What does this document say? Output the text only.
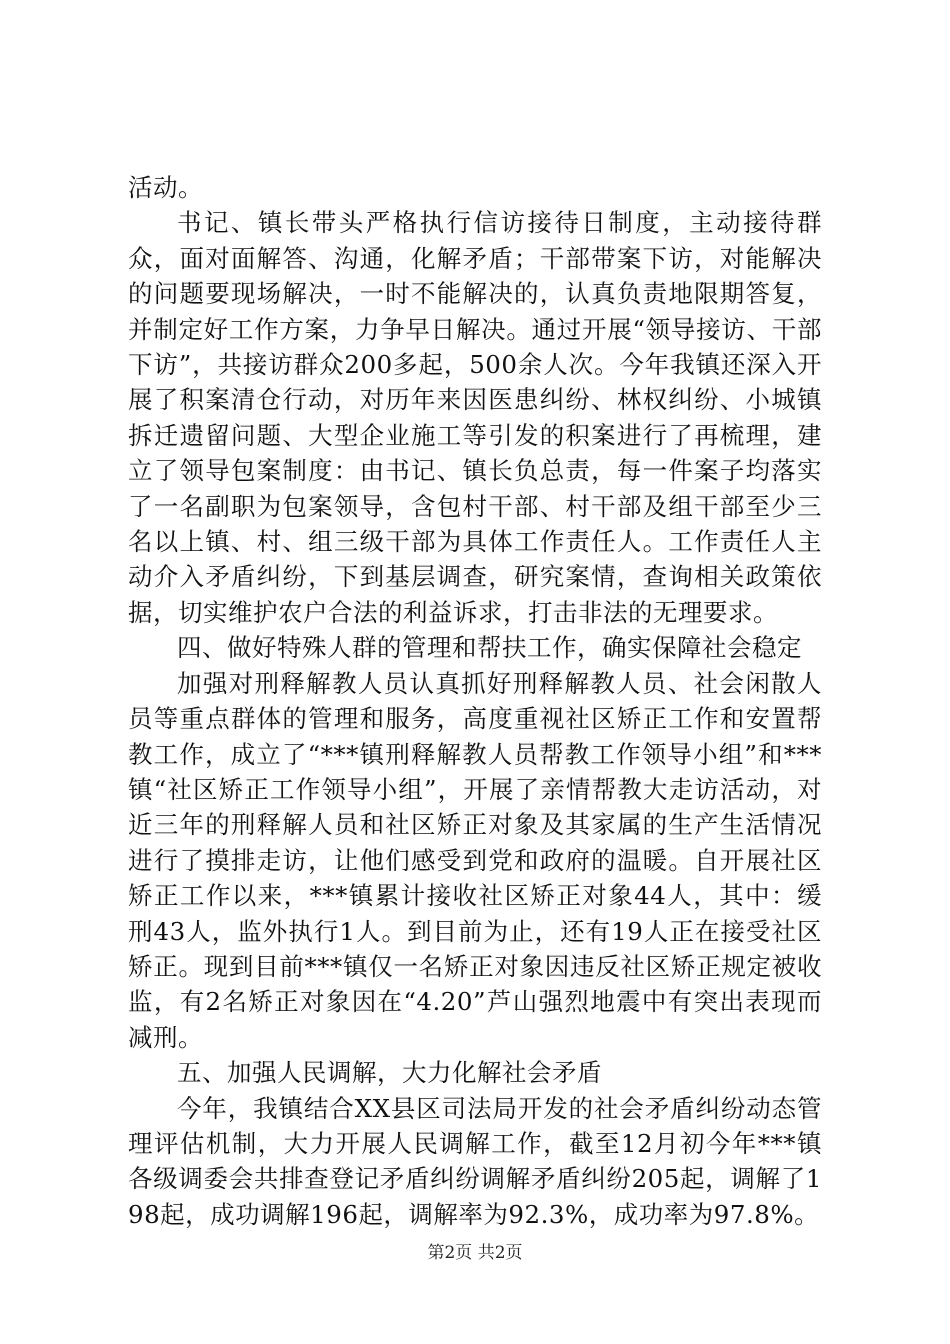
活动。

书记、镇长带头严格执行信访接待日制度，主动接待群众，面对面解答、沟通，化解矛盾；干部带案下访，对能解决的问题要现场解决，一时不能解决的，认真负责地限期答复，并制定好工作方案，力争早日解决。通过开展“领导接访、干部下访”，共接访群众200多起，500余人次。今年我镇还深入开展了积案清仓行动，对历年来因医患纠纷、林权纠纷、小城镇拆迁遗留问题、大型企业施工等引发的积案进行了再梳理，建立了领导包案制度：由书记、镇长负总责，每一件案子均落实了一名副职为包案领导，含包村干部、村干部及组干部至少三名以上镇、村、组三级干部为具体工作责任人。工作责任人主动介入矛盾纠纷，下到基层调查，研究案情，查询相关政策依据，切实维护农户合法的利益诉求，打击非法的无理要求。

四、做好特殊人群的管理和帮扶工作，确实保障社会稳定

加强对刑释解教人员认真抓好刑释解教人员、社会闲散人员等重点群体的管理和服务，高度重视社区矫正工作和安置帮教工作，成立了“***镇刑释解教人员帮教工作领导小组”和***镇“社区矫正工作领导小组”，开展了亲情帮教大走访活动，对近三年的刑释解人员和社区矫正对象及其家属的生产生活情况进行了摸排走访，让他们感受到党和政府的温暖。自开展社区矫正工作以来，***镇累计接收社区矫正对象44人，其中：缓刑43人，监外执行1人。到目前为止，还有19人正在接受社区矫正。现到目前***镇仅一名矫正对象因违反社区矫正规定被收监，有2名矫正对象因在“4.20”芦山强烈地震中有突出表现而减刑。

五、加强人民调解，大力化解社会矛盾

今年，我镇结合XX县区司法局开发的社会矛盾纠纷动态管理评估机制，大力开展人民调解工作，截至12月初今年***镇各级调委会共排查登记矛盾纠纷调解矛盾纠纷205起，调解了198起，成功调解196起，调解率为92.3%，成功率为97.8%。

第2页 共2页
